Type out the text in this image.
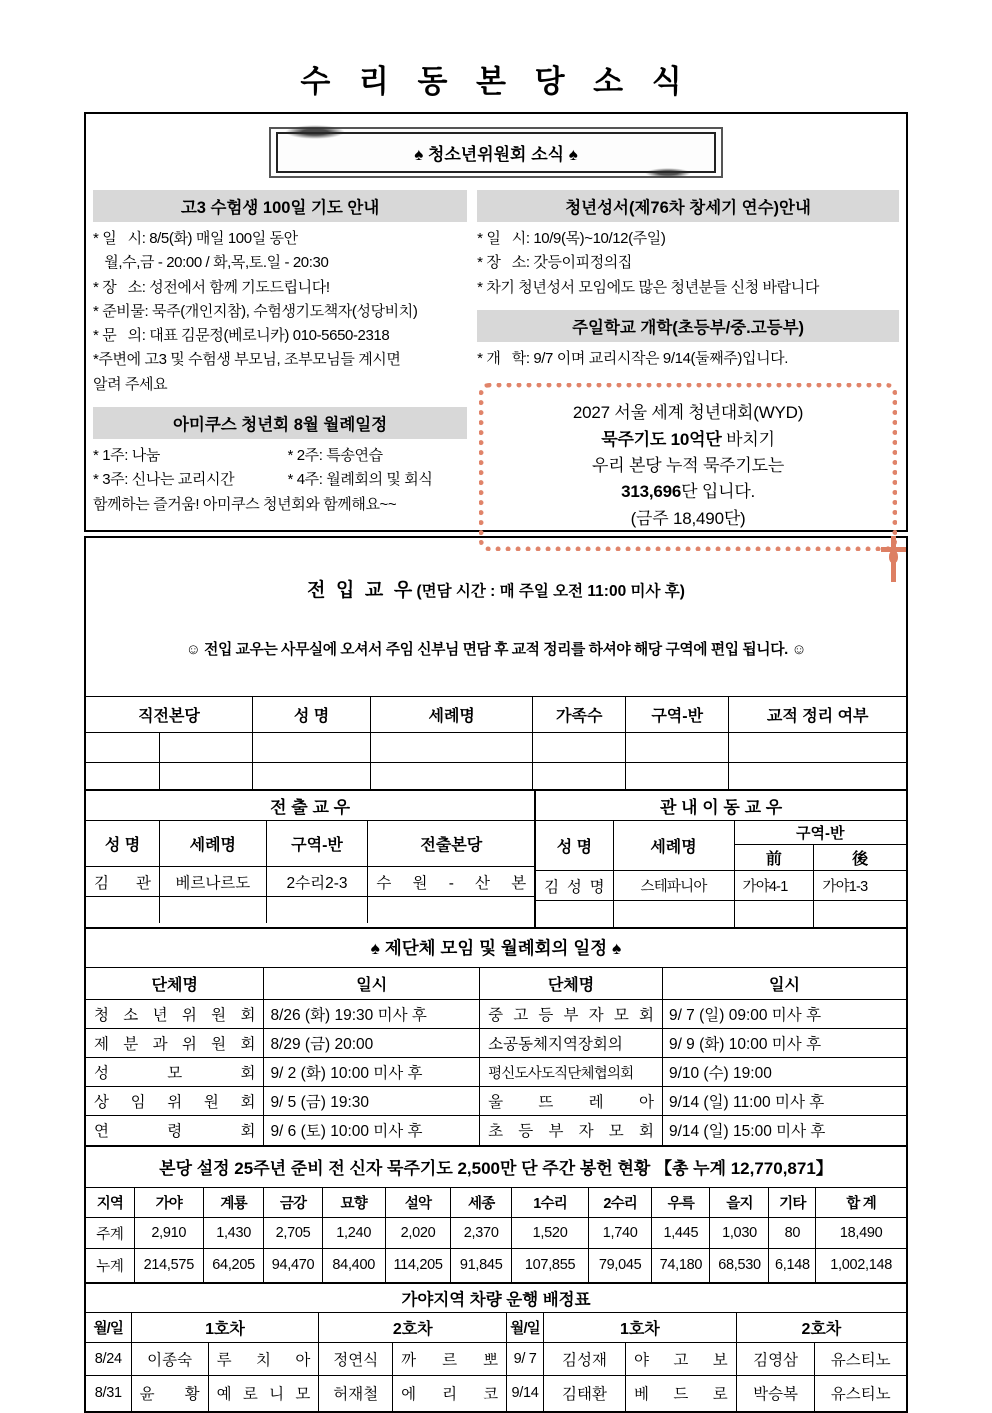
수 리 동 본 당 소 식
♠ 청소년위원회 소식 ♠
고3 수험생 100일 기도 안내
* 일   시: 8/5(화) 매일 100일 동안
월,수,금 - 20:00 / 화,목,토.일 - 20:30
* 장   소: 성전에서 함께 기도드립니다!
* 준비물: 묵주(개인지참), 수험생기도책자(성당비치)
* 문   의: 대표 김문정(베로니카) 010-5650-2318
*주변에 고3 및 수험생 부모님, 조부모님들 계시면
알려 주세요
아미쿠스 청년회 8월 월례일정
* 1주: 나눔	* 2주: 특송연습
* 3주: 신나는 교리시간	* 4주: 월례회의 및 회식
함께하는 즐거움! 아미쿠스 청년회와 함께해요~~
청년성서(제76차 창세기 연수)안내
* 일   시: 10/9(목)~10/12(주일)
* 장   소: 갓등이피정의집
* 차기 청년성서 모임에도 많은 청년분들 신청 바랍니다
주일학교 개학(초등부/중.고등부)
* 개   학: 9/7 이며 교리시작은 9/14(둘째주)입니다.
2027 서울 세계 청년대회(WYD)
묵주기도 10억단 바치기
우리 본당 누적 묵주기도는
313,696단 입니다.
(금주 18,490단)

전  입  교  우 (면담 시간 : 매 주일 오전 11:00 미사 후)

☺ 전입 교우는 사무실에 오셔서 주임 신부님 면담 후 교적 정리를 하셔야 해당 구역에 편입 됩니다. ☺						

직전본당		성 명	세례명	가족수	구역-반	교적 정리 여부

전 출 교 우			
성 명	세례명	구역-반	전출본당
김 관	베르나르도	2수리2-3	수 원 - 산 본

관 내 이 동 교 우			
성 명	세례명	구역-반	
		前	後
김 성 명	스테파니아	가야4-1	가야1-3

♠ 제단체 모임 및 월례회의 일정 ♠			
단체명	일시	단체명	일시
청 소 년 위 원 회	8/26 (화) 19:30 미사 후	중 고 등 부 자 모 회	9/ 7 (일) 09:00 미사 후
제 분 과 위 원 회	8/29 (금) 20:00	소공동체지역장회의	9/ 9 (화) 10:00 미사 후
성 모 회	9/ 2 (화) 10:00 미사 후	평신도사도직단체협의회	9/10 (수) 19:00
상 임 위 원 회	9/ 5 (금) 19:30	울 뜨 레 아	9/14 (일) 11:00 미사 후
연 령 회	9/ 6 (토) 10:00 미사 후	초 등 부 자 모 회	9/14 (일) 15:00 미사 후
본당 설정 25주년 준비 전 신자 묵주기도 2,500만 단 주간 봉헌 현황 【총 누계 12,770,871】												
지역	가야	계룡	금강	묘향	설악	세종	1수리	2수리	우륵	을지	기타	합 계
주계	2,910	1,430	2,705	1,240	2,020	2,370	1,520	1,740	1,445	1,030	80	18,490
누계	214,575	64,205	94,470	84,400	114,205	91,845	107,855	79,045	74,180	68,530	6,148	1,002,148
가야지역 차량 운행 배정표									
월/일	1호차		2호차		월/일	1호차		2호차	
8/24	이종숙	루 치 아	정연식	까 르 뽀	9/ 7	김성재	야 고 보	김영삼	유스티노
8/31	윤 황	예 로 니 모	허재철	에 리 코	9/14	김태환	베 드 로	박승복	유스티노
